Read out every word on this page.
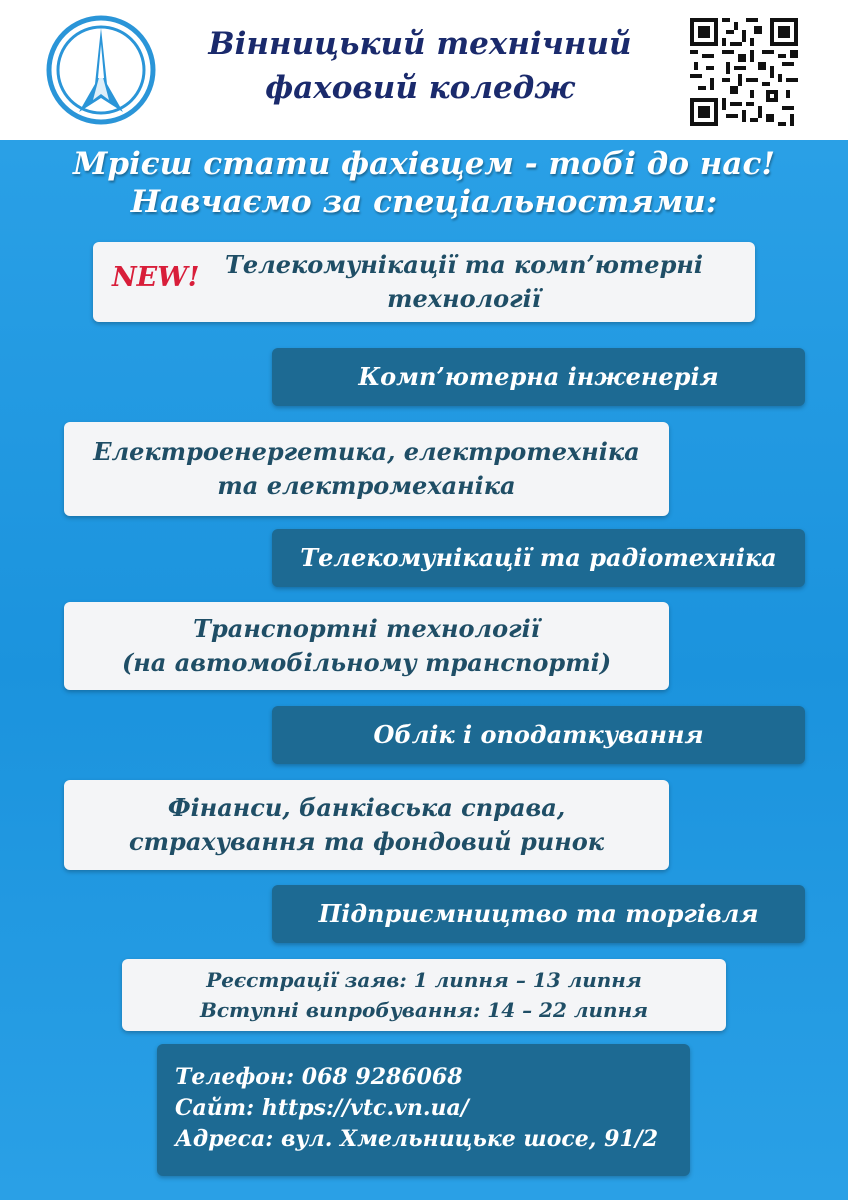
Вінницький технічний
фаховий коледж
Мрієш стати фахівцем - тобі до нас!
Навчаємо за спеціальностями:
Телекомунікації та комп’ютерні
технології
NEW!
Комп’ютерна інженерія
Електроенергетика, електротехніка
та електромеханіка
Телекомунікації та радіотехніка
Транспортні технології
(на автомобільному транспорті)
Облік і оподаткування
Фінанси, банківська справа,
страхування та фондовий ринок
Підприємництво та торгівля
Реєстрації заяв: 1 липня – 13 липня
Вступні випробування: 14 – 22 липня
Телефон: 068 9286068
Сайт: https://vtc.vn.ua/
Адреса: вул. Хмельницьке шосе, 91/2
